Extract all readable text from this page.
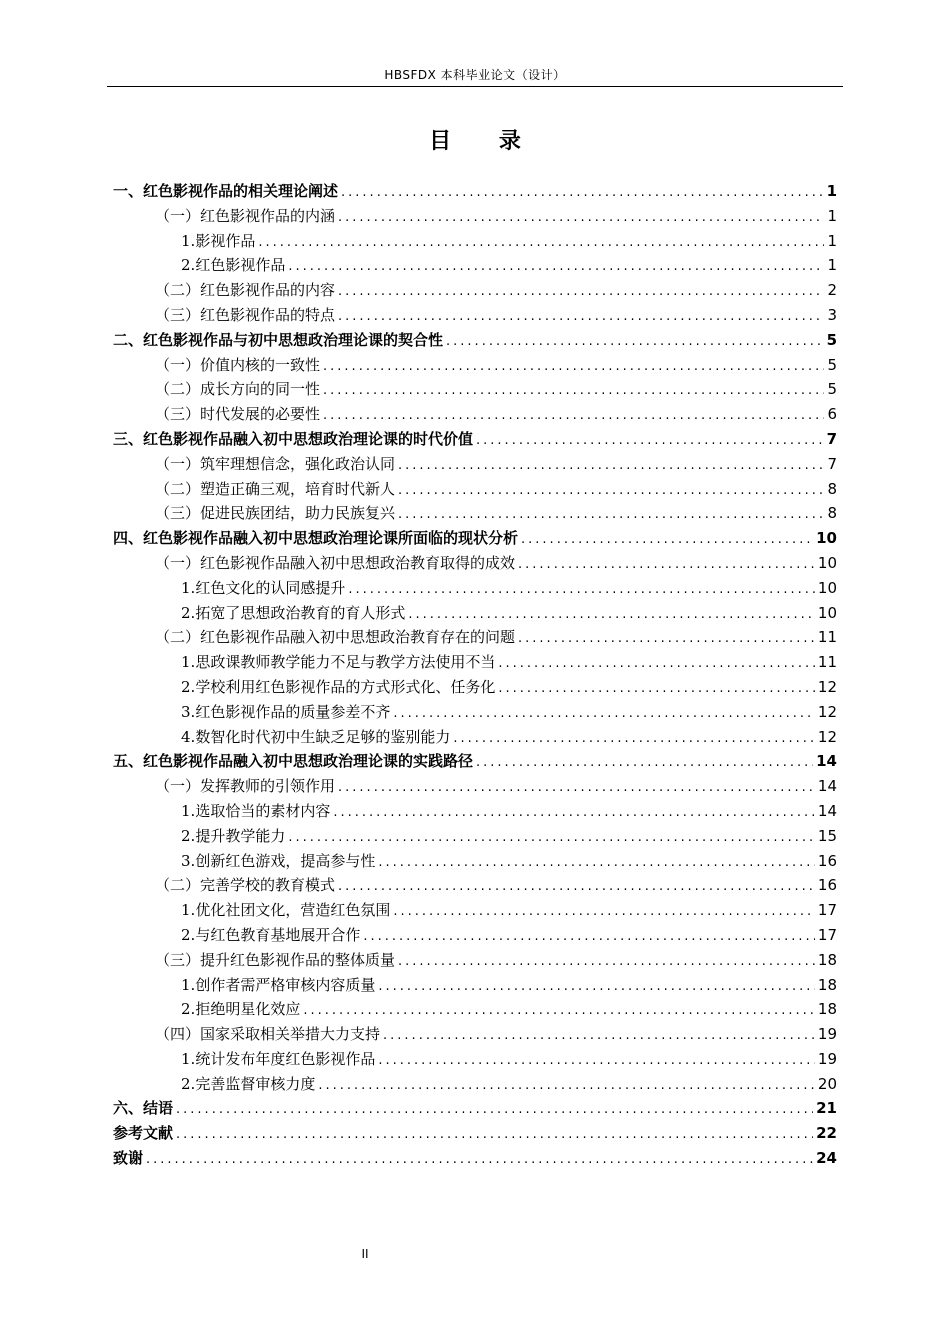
HBSFDX 本科毕业论文（设计）
目 录
一、 红色影视作品的相关理论阐述 .....	1
（一） 红色影视作品的内涵 .....	1
1. 影视作品 .....	1
2. 红色影视作品 .....	1
（二） 红色影视作品的内容 .....	2
（三） 红色影视作品的特点 .....	3
二、 红色影视作品与初中思想政治理论课的契合性 .....	5
（一） 价值内核的一致性 .....	5
（二） 成长方向的同一性 .....	5
（三） 时代发展的必要性 .....	6
三、 红色影视作品融入初中思想政治理论课的时代价值 .....	7
（一） 筑牢理想信念，强化政治认同 .....	7
（二） 塑造正确三观，培育时代新人 .....	8
（三） 促进民族团结，助力民族复兴 .....	8
四、 红色影视作品融入初中思想政治理论课所面临的现状分析 .....	10
（一） 红色影视作品融入初中思想政治教育取得的成效 .....	10
1. 红色文化的认同感提升 .....	10
2. 拓宽了思想政治教育的育人形式 .....	10
（二） 红色影视作品融入初中思想政治教育存在的问题 .....	11
1. 思政课教师教学能力不足与教学方法使用不当 .....	11
2. 学校利用红色影视作品的方式形式化、任务化 .....	12
3. 红色影视作品的质量参差不齐 .....	12
4. 数智化时代初中生缺乏足够的鉴别能力 .....	12
五、 红色影视作品融入初中思想政治理论课的实践路径 .....	14
（一） 发挥教师的引领作用 .....	14
1. 选取恰当的素材内容 .....	14
2. 提升教学能力 .....	15
3. 创新红色游戏，提高参与性 .....	16
（二） 完善学校的教育模式 .....	16
1. 优化社团文化，营造红色氛围 .....	17
2. 与红色教育基地展开合作 .....	17
（三） 提升红色影视作品的整体质量 .....	18
1. 创作者需严格审核内容质量 .....	18
2. 拒绝明星化效应 .....	18
（四） 国家采取相关举措大力支持 .....	19
1. 统计发布年度红色影视作品 .....	19
2. 完善监督审核力度 .....	20
六、 结语 .....	21
参考文献 .....	22
致谢 .....	24
II
